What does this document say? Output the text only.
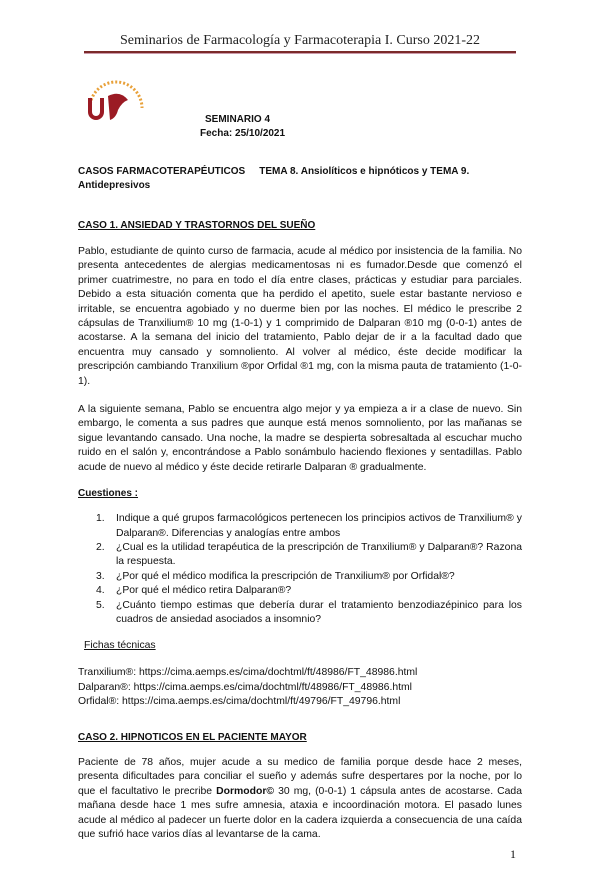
Seminarios de Farmacología y Farmacoterapia I. Curso 2021-22
SEMINARIO 4
Fecha: 25/10/2021
CASOS FARMACOTERAPÉUTICOS TEMA 8. Ansiolíticos e hipnóticos y TEMA 9. Antidepresivos
CASO 1. ANSIEDAD Y TRASTORNOS DEL SUEÑO
Pablo, estudiante de quinto curso de farmacia, acude al médico por insistencia de la familia. No presenta antecedentes de alergias medicamentosas ni es fumador.Desde que comenzó el primer cuatrimestre, no para en todo el día entre clases, prácticas y estudiar para parciales. Debido a esta situación comenta que ha perdido el apetito, suele estar bastante nervioso e irritable, se encuentra agobiado y no duerme bien por las noches. El médico le prescribe 2 cápsulas de Tranxilium® 10 mg (1-0-1) y 1 comprimido de Dalparan ®10 mg (0-0-1) antes de acostarse. A la semana del inicio del tratamiento, Pablo dejar de ir a la facultad dado que encuentra muy cansado y somnoliento. Al volver al médico, éste decide modificar la prescripción cambiando Tranxilium ®por Orfidal ®1 mg, con la misma pauta de tratamiento (1-0-1).
A la siguiente semana, Pablo se encuentra algo mejor y ya empieza a ir a clase de nuevo. Sin embargo, le comenta a sus padres que aunque está menos somnoliento, por las mañanas se sigue levantando cansado. Una noche, la madre se despierta sobresaltada al escuchar mucho ruido en el salón y, encontrándose a Pablo sonámbulo haciendo flexiones y sentadillas. Pablo acude de nuevo al médico y éste decide retirarle Dalparan ® gradualmente.
Cuestiones :
1.	Indique a qué grupos farmacológicos pertenecen los principios activos de Tranxilium® y Dalparan®. Diferencias y analogías entre ambos
2.	¿Cual es la utilidad terapéutica de la prescripción de Tranxilium® y Dalparan®? Razona la respuesta.
3.	¿Por qué el médico modifica la prescripción de Tranxilium® por Orfidal®?
4.	¿Por qué el médico retira Dalparan®?
5.	¿Cuánto tiempo estimas que debería durar el tratamiento benzodiazépinico para los cuadros de ansiedad asociados a insomnio?
Fichas técnicas
Tranxilium®: https://cima.aemps.es/cima/dochtml/ft/48986/FT_48986.html
Dalparan®: https://cima.aemps.es/cima/dochtml/ft/48986/FT_48986.html
Orfidal®: https://cima.aemps.es/cima/dochtml/ft/49796/FT_49796.html
CASO 2. HIPNOTICOS EN EL PACIENTE MAYOR
Paciente de 78 años, mujer acude a su medico de familia porque desde hace 2 meses, presenta dificultades para conciliar el sueño y además sufre despertares por la noche, por lo que el facultativo le precribe Dormodor© 30 mg, (0-0-1) 1 cápsula antes de acostarse. Cada mañana desde hace 1 mes sufre amnesia, ataxia e incoordinación motora. El pasado lunes acude al médico al padecer un fuerte dolor en la cadera izquierda a consecuencia de una caída que sufrió hace varios días al levantarse de la cama.
1
